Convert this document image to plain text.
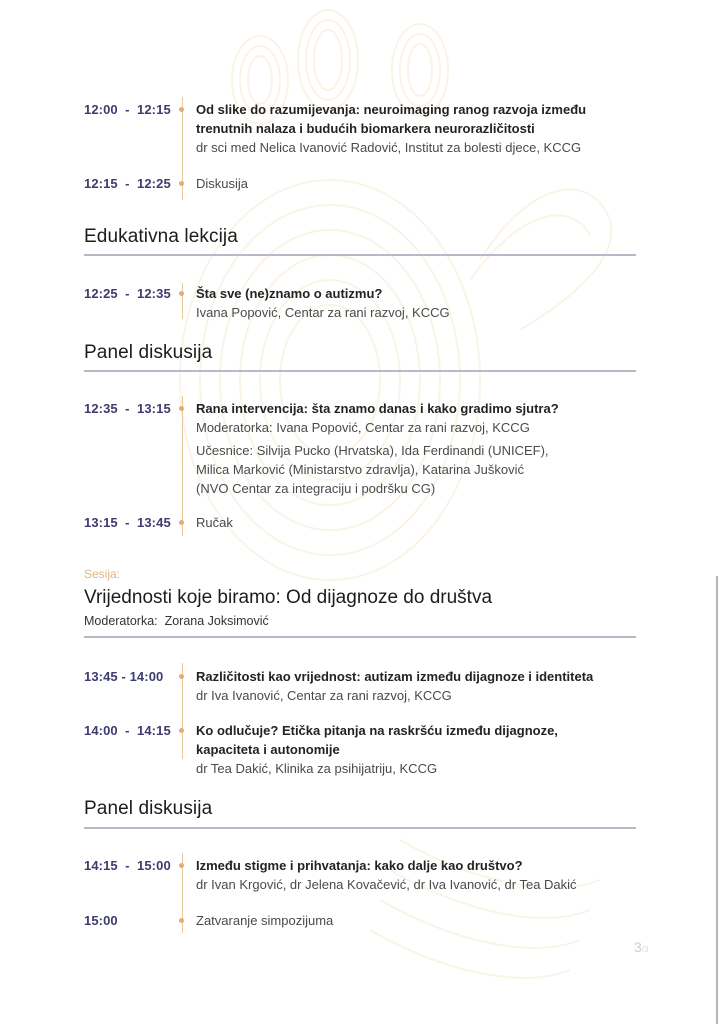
12:00  -  12:15	Od slike do razumijevanja: neuroimaging ranog razvoja između
trenutnih nalaza i budućih biomarkera neurorazličitosti
dr sci med Nelica Ivanović Radović, Institut za bolesti djece, KCCG
12:15  -  12:25	Diskusija
Edukativna lekcija
12:25  -  12:35	Šta sve (ne)znamo o autizmu?
Ivana Popović, Centar za rani razvoj, KCCG
Panel diskusija
12:35  -  13:15	Rana intervencija: šta znamo danas i kako gradimo sjutra?
Moderatorka: Ivana Popović, Centar za rani razvoj, KCCG
Učesnice: Silvija Pucko (Hrvatska), Ida Ferdinandi (UNICEF),
Milica Marković (Ministarstvo zdravlja), Katarina Jušković
(NVO Centar za integraciju i podršku CG)
13:15  -  13:45	Ručak
Sesija:
Vrijednosti koje biramo: Od dijagnoze do društva
Moderatorka:  Zorana Joksimović
13:45 - 14:00	Različitosti kao vrijednost: autizam između dijagnoze i identiteta
dr Iva Ivanović, Centar za rani razvoj, KCCG
14:00  -  14:15	Ko odlučuje? Etička pitanja na raskršću između dijagnoze,
kapaciteta i autonomije
dr Tea Dakić, Klinika za psihijatriju, KCCG
Panel diskusija
14:15  -  15:00	Između stigme i prihvatanja: kako dalje kao društvo?
dr Ivan Krgović, dr Jelena Kovačević, dr Iva Ivanović, dr Tea Dakić
15:00	Zatvaranje simpozijuma
3/3
